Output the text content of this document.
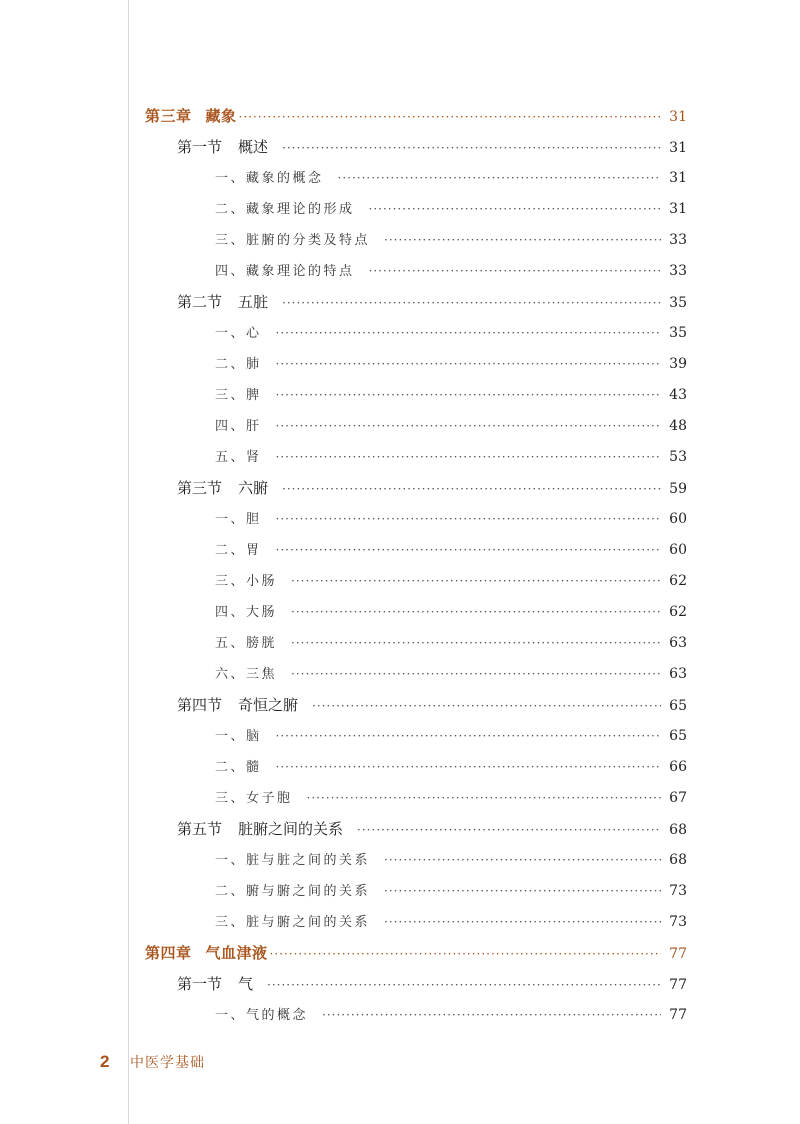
第三章 藏象 ·····	31
第一节 概述 ·····	31
一、藏象的概念 ·····	31
二、藏象理论的形成 ·····	31
三、脏腑的分类及特点 ·····	33
四、藏象理论的特点 ·····	33
第二节 五脏 ·····	35
一、心 ·····	35
二、肺 ·····	39
三、脾 ·····	43
四、肝 ·····	48
五、肾 ·····	53
第三节 六腑 ·····	59
一、胆 ·····	60
二、胃 ·····	60
三、小肠 ·····	62
四、大肠 ·····	62
五、膀胱 ·····	63
六、三焦 ·····	63
第四节 奇恒之腑 ·····	65
一、脑 ·····	65
二、髓 ·····	66
三、女子胞 ·····	67
第五节 脏腑之间的关系 ·····	68
一、脏与脏之间的关系 ·····	68
二、腑与腑之间的关系 ·····	73
三、脏与腑之间的关系 ·····	73
第四章 气血津液 ·····	77
第一节 气 ·····	77
一、气的概念 ·····	77
2	中医学基础
